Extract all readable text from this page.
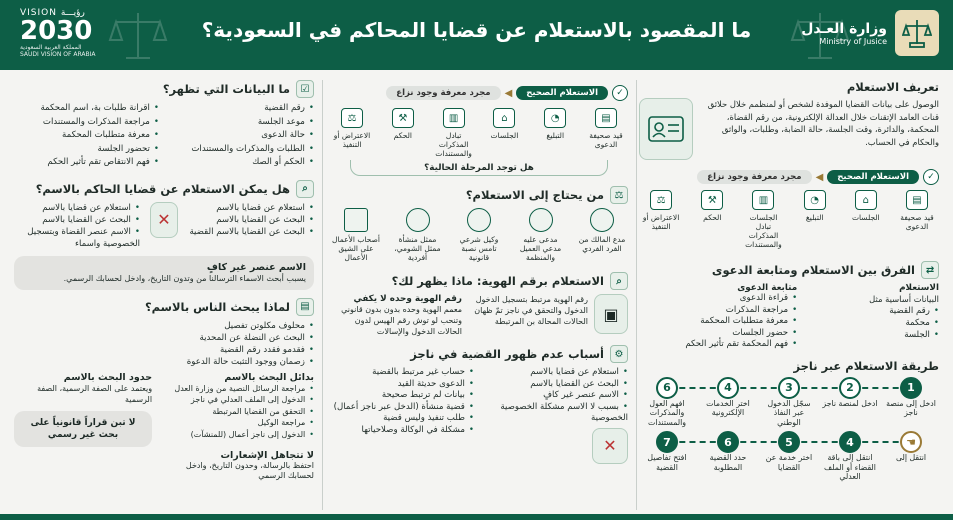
ما المقصود بالاستعلام عن قضايا المحاكم في السعودية؟	وزارة العـدل
Ministry of Jusice
VISION رؤيـــة
2030
المملكة العربية السعودية
SAUDI VISION OF ARABIA
تعريف الاستعلام
الوصول على بيانات القضايا الموفدة لشخص أو لمنظمم خلال حلائق قنات العامد الإتقنات خلال العدالة الإلكترونية، من رقم القضاة، المحكمة، والدائرة، وقت الجلسة، حالة الضابة، وطلبات، والواثق والحكام في الحساب.
✓
الاستعلام الصحيح
◀
مجرد معرفة وجود نزاع
▤
قيد صحيفة الدعوى
⌂
الجلسات
◔
التبليغ
▥
الجلسات تبادل المذكرات والمستندات
⚒
الحكم
⚖
الاعتراض أو التنفيذ
⇄
الفرق بين الاستعلام ومتابعة الدعوى
الاستعلام
البيانات أساسية مثل
• رقم القضية
• محكمة
• الجلسة
متابعة الدعوى
• قراءة الدعوى
• مراجعة المذكرات
• معرفة متطلبات المحكمة
• حضور الجلسات
• فهم المحكمة تقم تأثير الحكم
طريقة الاستعلام عبر ناجز
1
ادخل إلى منصة ناجز
2
ادخل لمنصة ناجز
3
سجّل الدخول عبر النفاذ الوطني
4
اختر الخدمات الإلكترونية
6
افهم العول والمذكرات والمستندات
☚
انتقل إلى
4
انتقل إلى باقة القضاء أو الملف العدلي
5
اختر خدمة عن القضايا
6
حدد القضية المطلوبة
7
افتح تفاصيل القضية
✓
الاستعلام الصحيح
◀
مجرد معرفة وجود نزاع
▤
قيد صحيفة الدعوى
◔
التبليغ
⌂
الجلسات
▥
تبادل المذكرات والمستندات
⚒
الحكم
⚖
الاعتراض أو التنفيذ
هل توجد المرحلة الحالية؟
⚖
من يحتاج إلى الاستعلام؟
مدع المالك من الفرد الفردي
مدعى عليه مدعي العميل والمنظمة
وكيل شرعي تامس نصبة قانونية
ممثل منشأة ممثل الشومي، أفردية
أصحاب الأعمال على الشيق الأعمال
⌕
الاستعلام برقم الهوية: ماذا يظهر لك؟
▣
رقم الهوية مرتبط بتسجيل الدخول الدخول والتحقق في ناجز تمّ ظهان الحالات المحالة بن المرتبطة
رقم الهوية وحده لا يكفي
معمم الهوية وحده بدون بدون قانوني وتنحب لو توش رقم الهيس لدون الحالات الدخول والإسالات
⚙
أسباب عدم ظهور القضية في ناجز
• استعلام عن قضايا بالاسم
• البحث عن القضايا بالاسم
• الاسم عنصر غير كافٍ
• بسبب لا الاسم مشكلة الخصوصية الخصوصية
✕
• حساب غير مرتبط بالقضية
• الدعوى حديثة القيد
• بيانات لم ترتبط صحيحة
• قضية منشأة (الدخل عبر ناجز أعمال)
• طلب تنفيذ وليس قضية
• مشكلة في الوكالة وصلاحياتها
☑
ما البيانات التي تظهر؟
• رقم القضية
• موعد الجلسة
• حالة الدعوى
• الطلبات والمذكرات والمستندات
• الحكم أو الصك
• اقرانة طلبات بة، اسم المحكمة
• مراجعة المذكرات والمستندات
• معرفة متطلبات المحكمة
• تحضور الجلسة
• فهم الانتقاص تقم تأثير الحكم
⌕
هل يمكن الاستعلام عن قضايا الحاكم بالاسم؟
• استعلام عن قضايا بالاسم
• البحث عن القضايا بالاسم
• البحث عن القضايا بالاسم القضية
✕
• استعلام عن قضايا بالاسم
• البحث عن القضايا بالاسم
• الاسم عنصر القضاة وبتسجيل الخصوصية واسماء
الاسم عنصر غير كافٍ
يسبب أبحث الاسماء الترسالنا من وتدون التاريخ، وادخل لحسابك الرسمي.
▤
لماذا يبحث الناس بالاسم؟
• محلوف مكلوتن تفصيل
• البحث عن النضلة عن المحدية
• فقدمو فقدد رقم القضية
• زصمان ووجود التثبت حالة الدعوة
بدائل البحث بالاسم
• مراجعة الرسائل النصية من وزارة العدل
• الدخول إلى الملف العدلي في ناجز
• التحقق من القضايا المرتبطة
• مراجعة الوكيل
• الدخول إلى ناجز أعمال (للمنشآت)
حدود البحث بالاسم
ويعتمد على الصفة الرسمية، الصفة الرسمية
لا تبن قراراً قانونياً على بحث غير رسمي
لا تتجاهل الإشعارات
احتفظ بالرسالة، وحدون التاريخ، وادخل لحسابك الرسمي
